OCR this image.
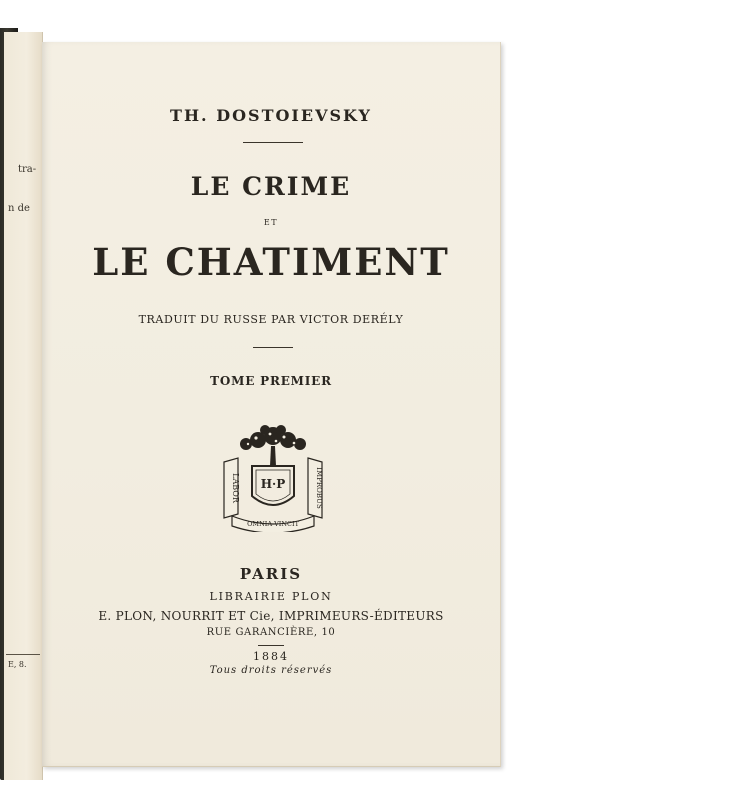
tra-
n de
E, 8.
TH. DOSTOIEVSKY
LE CRIME
ET
LE CHATIMENT
TRADUIT DU RUSSE PAR VICTOR DERÉLY
TOME PREMIER
H·P
LABOR	IMPROBUS
OMNIA VINCIT
PARIS
LIBRAIRIE PLON
E. PLON, NOURRIT ET Cie, IMPRIMEURS-ÉDITEURS
RUE GARANCIÈRE, 10
1884
Tous droits réservés
